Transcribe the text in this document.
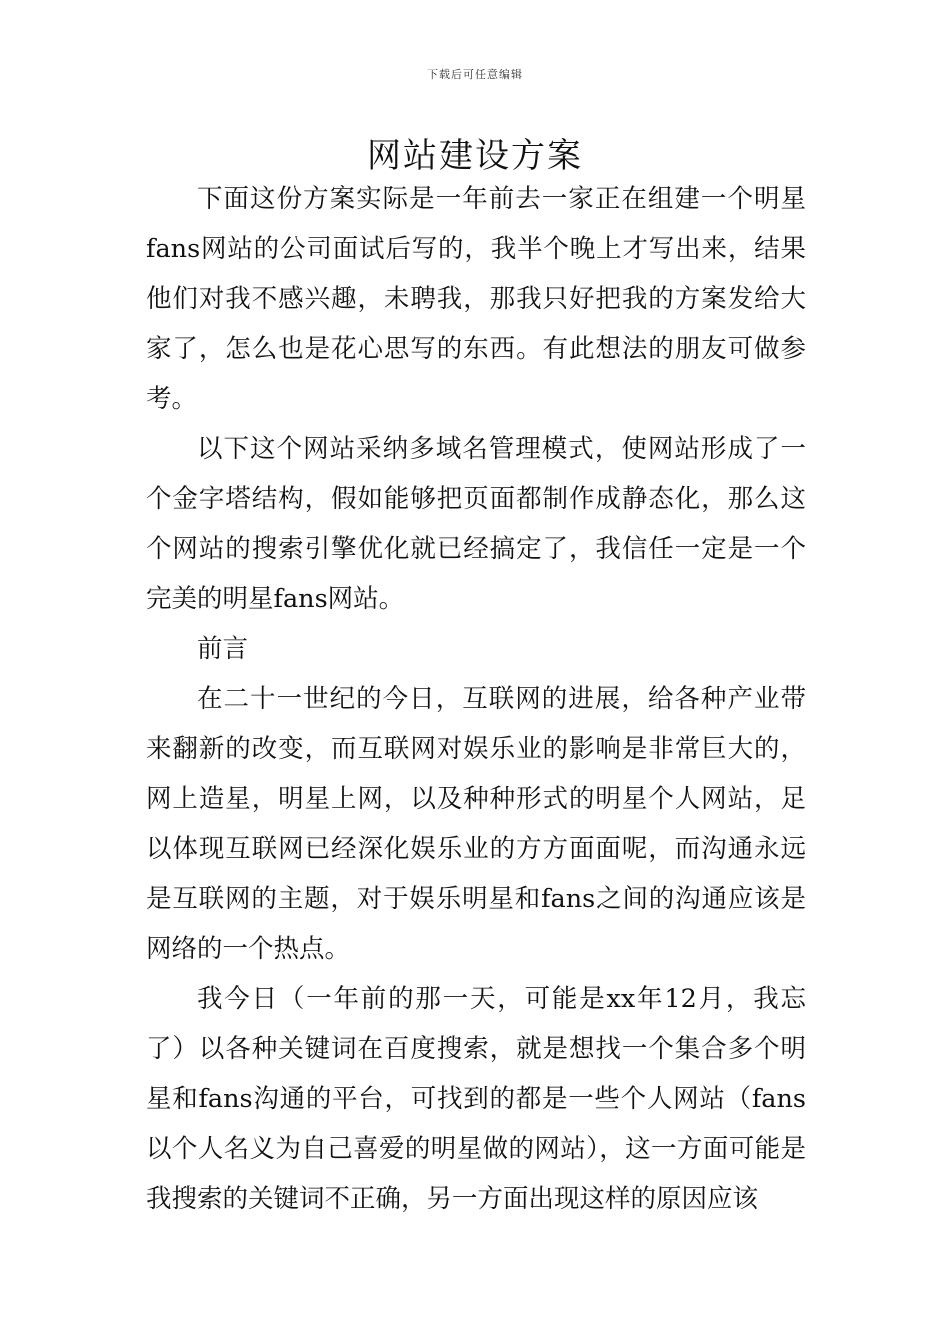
下载后可任意编辑
网站建设方案

下面这份方案实际是一年前去一家正在组建一个明星fans网站的公司面试后写的，我半个晚上才写出来，结果他们对我不感兴趣，未聘我，那我只好把我的方案发给大家了，怎么也是花心思写的东西。有此想法的朋友可做参考。

以下这个网站采纳多域名管理模式，使网站形成了一个金字塔结构，假如能够把页面都制作成静态化，那么这个网站的搜索引擎优化就已经搞定了，我信任一定是一个完美的明星fans网站。

前言

在二十一世纪的今日，互联网的进展，给各种产业带来翻新的改变，而互联网对娱乐业的影响是非常巨大的，网上造星，明星上网，以及种种形式的明星个人网站，足以体现互联网已经深化娱乐业的方方面面呢，而沟通永远是互联网的主题，对于娱乐明星和fans之间的沟通应该是网络的一个热点。

我今日（一年前的那一天，可能是xx年12月，我忘了）以各种关键词在百度搜索，就是想找一个集合多个明星和fans沟通的平台，可找到的都是一些个人网站（fans以个人名义为自己喜爱的明星做的网站），这一方面可能是我搜索的关键词不正确，另一方面出现这样的原因应该
